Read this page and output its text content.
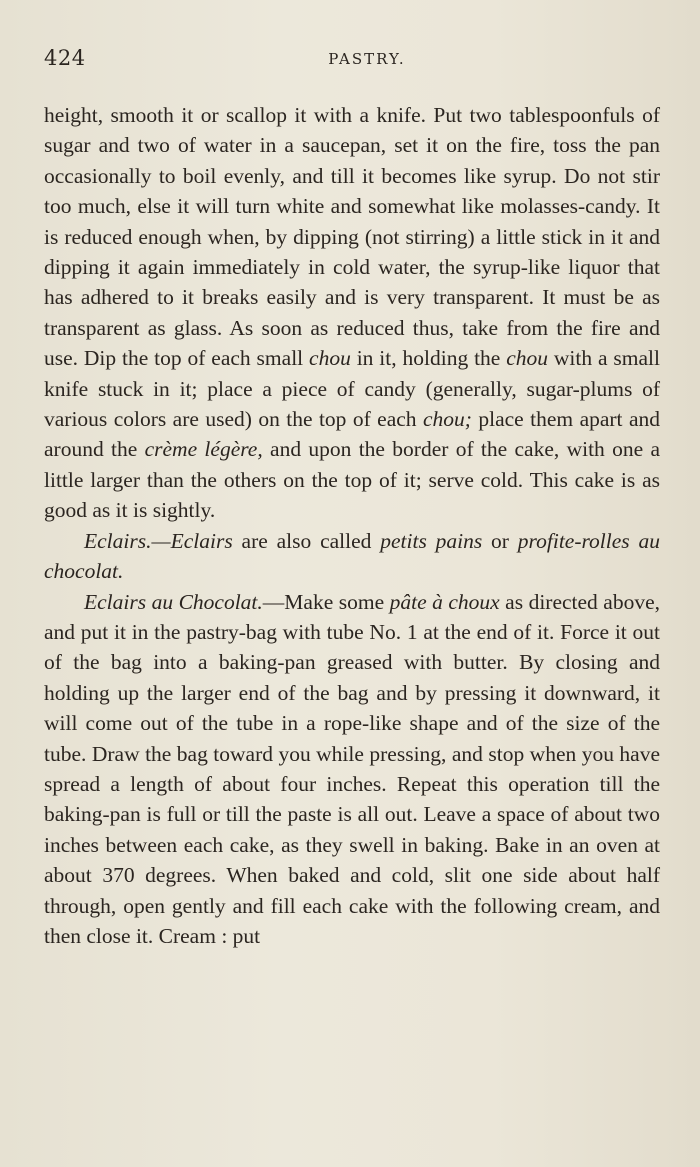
424	PASTRY.

height, smooth it or scallop it with a knife. Put two tablespoonfuls of sugar and two of water in a saucepan, set it on the fire, toss the pan occasionally to boil evenly, and till it becomes like syrup. Do not stir too much, else it will turn white and somewhat like molasses-candy. It is reduced enough when, by dipping (not stirring) a little stick in it and dipping it again immediately in cold water, the syrup-like liquor that has adhered to it breaks easily and is very transparent. It must be as transparent as glass. As soon as reduced thus, take from the fire and use. Dip the top of each small chou in it, holding the chou with a small knife stuck in it; place a piece of candy (generally, sugar-plums of various colors are used) on the top of each chou; place them apart and around the crème légère, and upon the border of the cake, with one a little larger than the others on the top of it; serve cold. This cake is as good as it is sightly.

Eclairs.—Eclairs are also called petits pains or profite-rolles au chocolat.

Eclairs au Chocolat.—Make some pâte à choux as directed above, and put it in the pastry-bag with tube No. 1 at the end of it. Force it out of the bag into a baking-pan greased with butter. By closing and holding up the larger end of the bag and by pressing it downward, it will come out of the tube in a rope-like shape and of the size of the tube. Draw the bag toward you while pressing, and stop when you have spread a length of about four inches. Repeat this operation till the baking-pan is full or till the paste is all out. Leave a space of about two inches between each cake, as they swell in baking. Bake in an oven at about 370 degrees. When baked and cold, slit one side about half through, open gently and fill each cake with the following cream, and then close it. Cream : put
